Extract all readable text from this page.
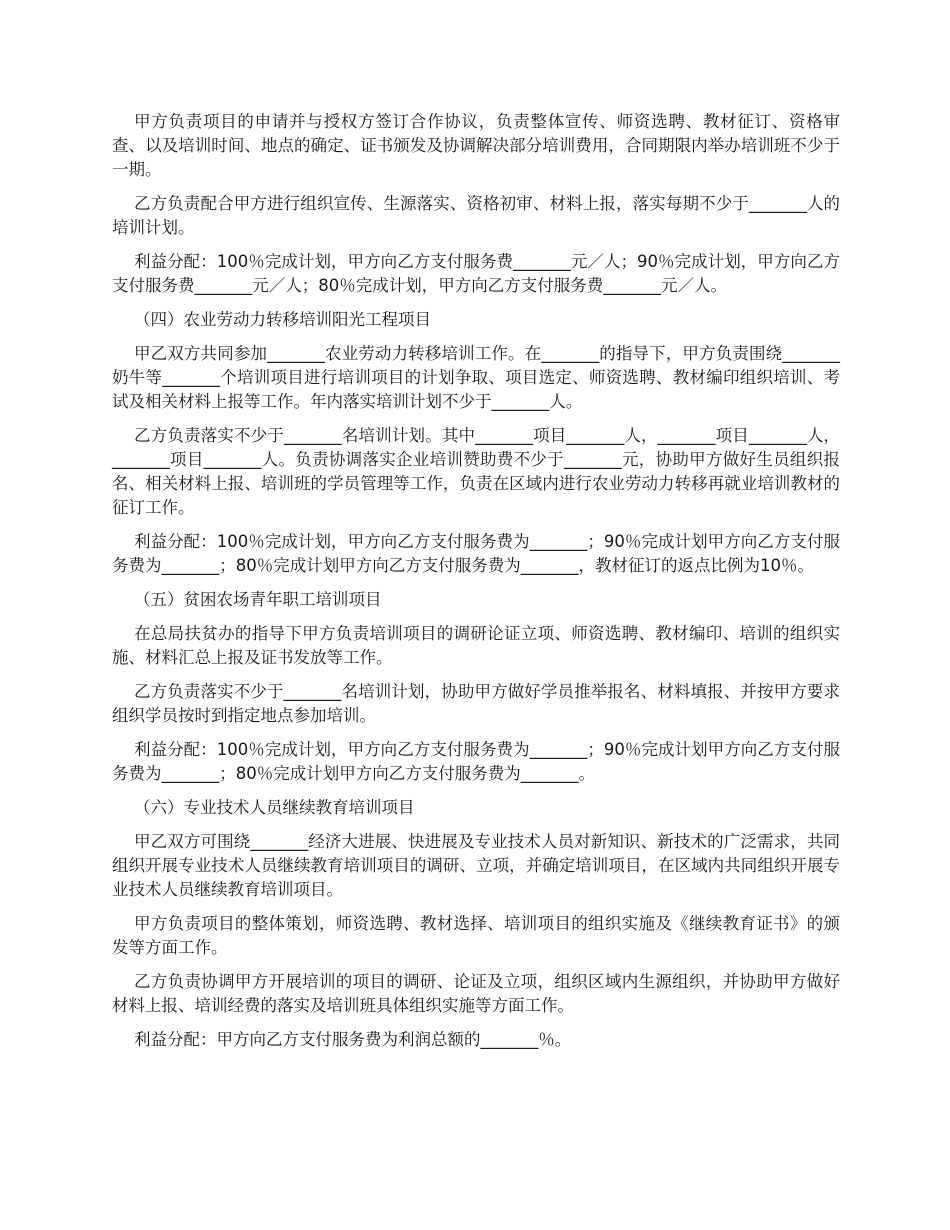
甲方负责项目的申请并与授权方签订合作协议，负责整体宣传、师资选聘、教材征订、资格审查、以及培训时间、地点的确定、证书颁发及协调解决部分培训费用，合同期限内举办培训班不少于一期。

乙方负责配合甲方进行组织宣传、生源落实、资格初审、材料上报，落实每期不少于_______人的培训计划。

利益分配：100％完成计划，甲方向乙方支付服务费_______元／人；90％完成计划，甲方向乙方支付服务费_______元／人；80％完成计划，甲方向乙方支付服务费_______元／人。

（四）农业劳动力转移培训阳光工程项目

甲乙双方共同参加_______农业劳动力转移培训工作。在_______的指导下，甲方负责围绕_______奶牛等_______个培训项目进行培训项目的计划争取、项目选定、师资选聘、教材编印组织培训、考试及相关材料上报等工作。年内落实培训计划不少于_______人。

乙方负责落实不少于_______名培训计划。其中_______项目_______人，_______项目_______人，_______项目_______人。负责协调落实企业培训赞助费不少于_______元，协助甲方做好生员组织报名、相关材料上报、培训班的学员管理等工作，负责在区域内进行农业劳动力转移再就业培训教材的征订工作。

利益分配：100％完成计划，甲方向乙方支付服务费为_______；90％完成计划甲方向乙方支付服务费为_______；80％完成计划甲方向乙方支付服务费为_______，教材征订的返点比例为10％。

（五）贫困农场青年职工培训项目

在总局扶贫办的指导下甲方负责培训项目的调研论证立项、师资选聘、教材编印、培训的组织实施、材料汇总上报及证书发放等工作。

乙方负责落实不少于_______名培训计划，协助甲方做好学员推举报名、材料填报、并按甲方要求组织学员按时到指定地点参加培训。

利益分配：100％完成计划，甲方向乙方支付服务费为_______；90％完成计划甲方向乙方支付服务费为_______；80％完成计划甲方向乙方支付服务费为_______。

（六）专业技术人员继续教育培训项目

甲乙双方可围绕_______经济大进展、快进展及专业技术人员对新知识、新技术的广泛需求，共同组织开展专业技术人员继续教育培训项目的调研、立项，并确定培训项目，在区域内共同组织开展专业技术人员继续教育培训项目。

甲方负责项目的整体策划，师资选聘、教材选择、培训项目的组织实施及《继续教育证书》的颁发等方面工作。

乙方负责协调甲方开展培训的项目的调研、论证及立项，组织区域内生源组织，并协助甲方做好材料上报、培训经费的落实及培训班具体组织实施等方面工作。

利益分配：甲方向乙方支付服务费为利润总额的_______％。
